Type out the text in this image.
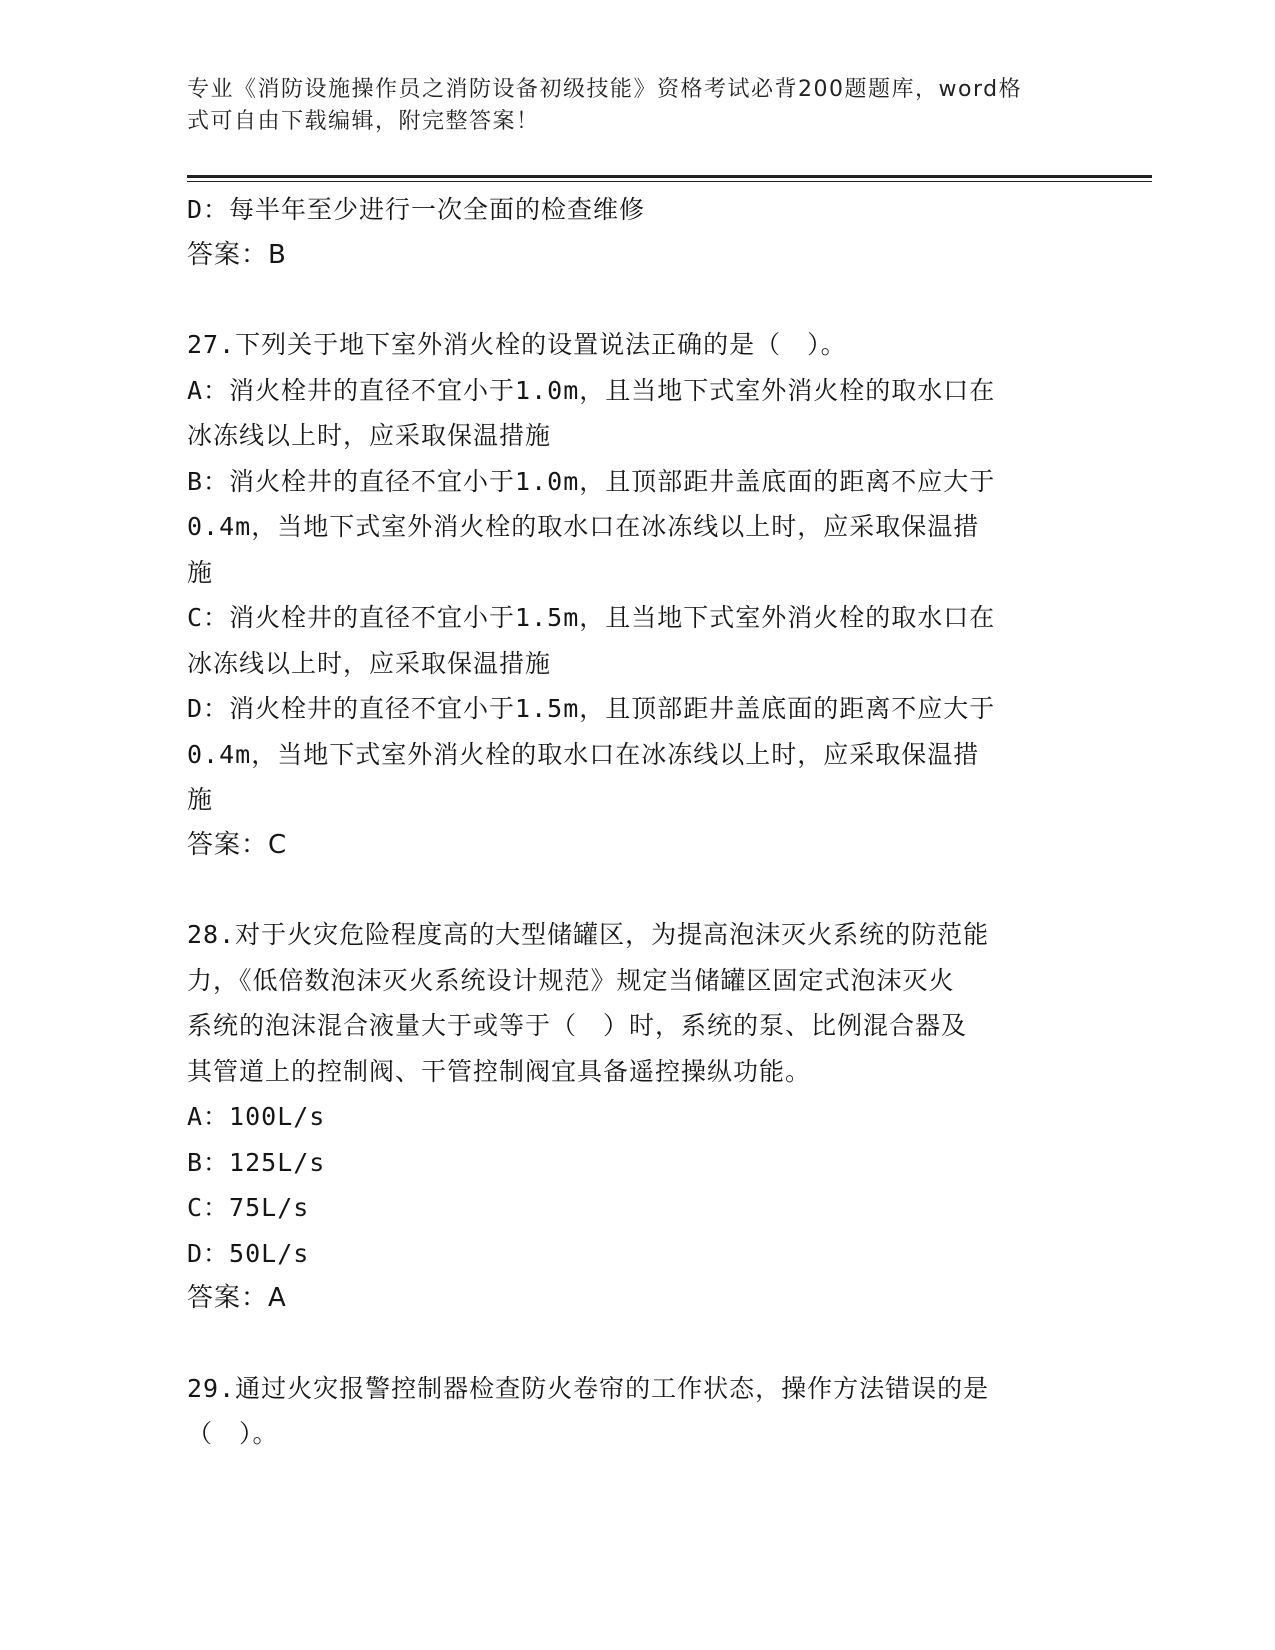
专业《消防设施操作员之消防设备初级技能》资格考试必背200题题库，word格
式可自由下载编辑，附完整答案！

D：每半年至少进行一次全面的检查维修

答案：B

27.下列关于地下室外消火栓的设置说法正确的是（　）。

A：消火栓井的直径不宜小于1.0m，且当地下式室外消火栓的取水口在

冰冻线以上时，应采取保温措施

B：消火栓井的直径不宜小于1.0m，且顶部距井盖底面的距离不应大于

0.4m，当地下式室外消火栓的取水口在冰冻线以上时，应采取保温措

施

C：消火栓井的直径不宜小于1.5m，且当地下式室外消火栓的取水口在

冰冻线以上时，应采取保温措施

D：消火栓井的直径不宜小于1.5m，且顶部距井盖底面的距离不应大于

0.4m，当地下式室外消火栓的取水口在冰冻线以上时，应采取保温措

施

答案：C

28.对于火灾危险程度高的大型储罐区，为提高泡沫灭火系统的防范能

力，《低倍数泡沫灭火系统设计规范》规定当储罐区固定式泡沫灭火

系统的泡沫混合液量大于或等于（　）时，系统的泵、比例混合器及

其管道上的控制阀、干管控制阀宜具备遥控操纵功能。

A：100L/s

B：125L/s

C：75L/s

D：50L/s

答案：A

29.通过火灾报警控制器检查防火卷帘的工作状态，操作方法错误的是

（　）。
